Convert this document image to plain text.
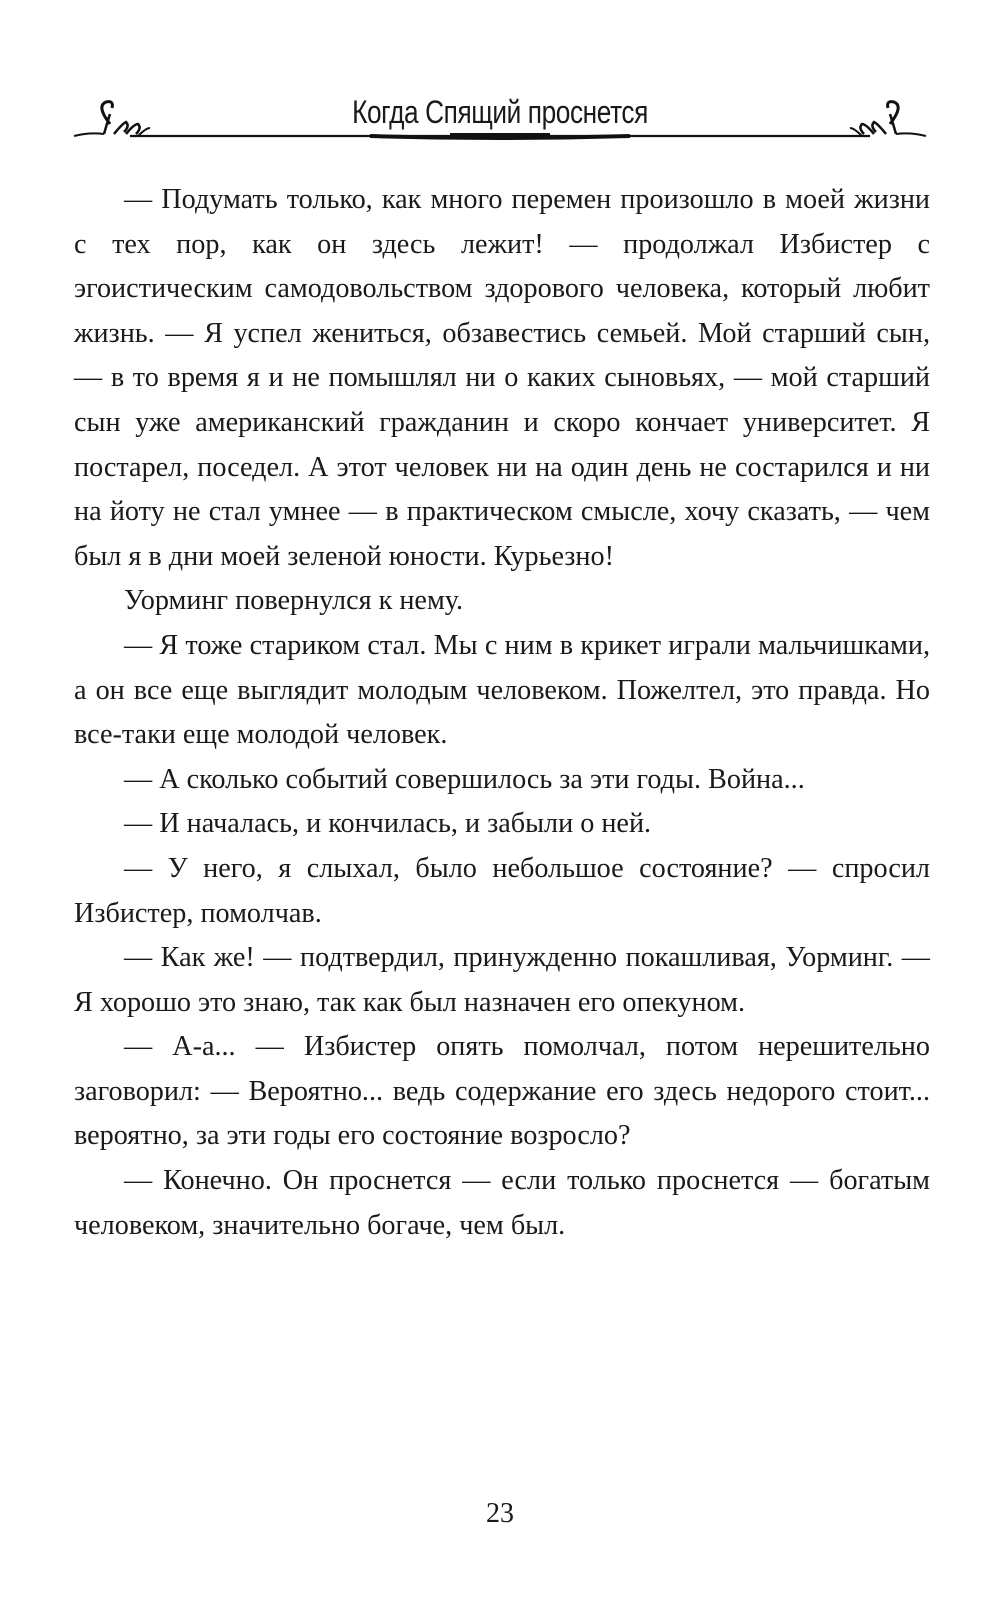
Когда Спящий проснется

— Подумать только, как много перемен произошло в моей жизни с тех пор, как он здесь лежит! — продолжал Избистер с эгоистическим самодовольством здорового человека, который любит жизнь. — Я успел жениться, обзавестись семьей. Мой старший сын, — в то время я и не помышлял ни о каких сыновьях, — мой старший сын уже американский гражданин и скоро кончает университет. Я постарел, поседел. А этот человек ни на один день не состарился и ни на йоту не стал умнее — в практическом смысле, хочу сказать, — чем был я в дни моей зеленой юности. Курьезно!

Уорминг повернулся к нему.

— Я тоже стариком стал. Мы с ним в крикет играли мальчишками, а он все еще выглядит молодым человеком. Пожелтел, это правда. Но все-таки еще молодой человек.

— А сколько событий совершилось за эти годы. Война...

— И началась, и кончилась, и забыли о ней.

— У него, я слыхал, было небольшое состояние? — спросил Избистер, помолчав.

— Как же! — подтвердил, принужденно покашливая, Уорминг. — Я хорошо это знаю, так как был назначен его опекуном.

— А-а... — Избистер опять помолчал, потом нерешительно заговорил: — Вероятно... ведь содержание его здесь недорого стоит... вероятно, за эти годы его состояние возросло?

— Конечно. Он проснется — если только проснется — богатым человеком, значительно богаче, чем был.

23
